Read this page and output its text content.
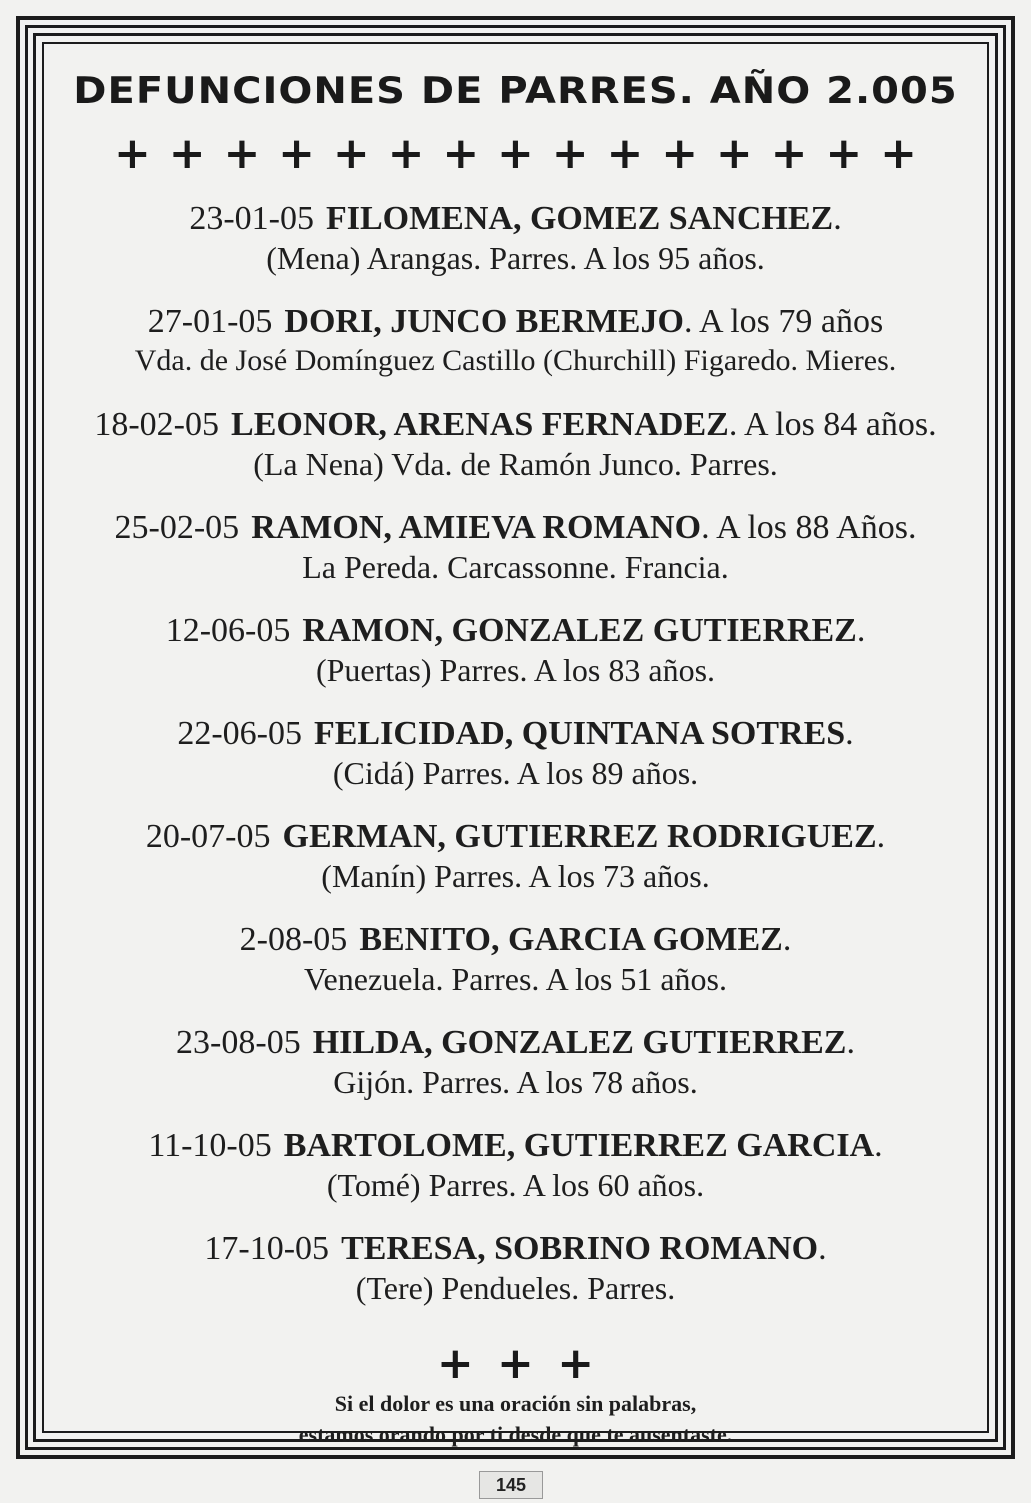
DEFUNCIONES DE PARRES. AÑO 2.005
+ + + + + + + + + + + + + + +
23-01-05 FILOMENA, GOMEZ SANCHEZ.
(Mena) Arangas. Parres. A los 95 años.
27-01-05 DORI, JUNCO BERMEJO. A los 79 años
Vda. de José Domínguez Castillo (Churchill) Figaredo. Mieres.
18-02-05 LEONOR, ARENAS FERNADEZ. A los 84 años.
(La Nena) Vda. de Ramón Junco. Parres.
25-02-05 RAMON, AMIEVA ROMANO. A los 88 Años.
La Pereda. Carcassonne. Francia.
12-06-05 RAMON, GONZALEZ GUTIERREZ.
(Puertas) Parres. A los 83 años.
22-06-05 FELICIDAD, QUINTANA SOTRES.
(Cidá) Parres. A los 89 años.
20-07-05 GERMAN, GUTIERREZ RODRIGUEZ.
(Manín) Parres. A los 73 años.
2-08-05 BENITO, GARCIA GOMEZ.
Venezuela. Parres. A los 51 años.
23-08-05 HILDA, GONZALEZ GUTIERREZ.
Gijón. Parres. A los 78 años.
11-10-05 BARTOLOME, GUTIERREZ GARCIA.
(Tomé) Parres. A los 60 años.
17-10-05 TERESA, SOBRINO ROMANO.
(Tere) Pendueles. Parres.
+ + +
Si el dolor es una oración sin palabras,
estamos orando por ti desde que te ausentaste.
145
